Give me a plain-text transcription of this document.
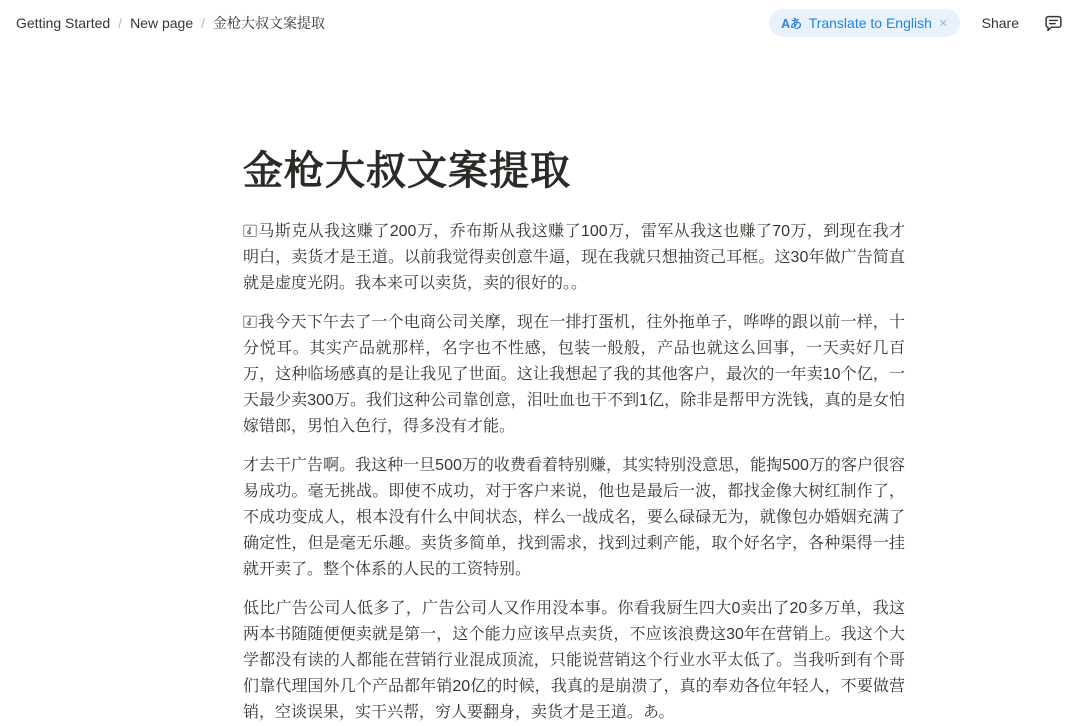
Getting Started / New page / 金枪大叔文案提取	Aあ Translate to English ×	Share
金枪大叔文案提取

马斯克从我这赚了200万，乔布斯从我这赚了100万，雷军从我这也赚了70万，到现在我才明白，卖货才是王道。以前我觉得卖创意牛逼，现在我就只想抽资己耳框。这30年做广告简直就是虚度光阴。我本来可以卖货，卖的很好的。。

我今天下午去了一个电商公司关摩，现在一排打蛋机，往外拖单子，哗哗的跟以前一样，十分悦耳。其实产品就那样，名字也不性感，包装一般般，产品也就这么回事，一天卖好几百万，这种临场感真的是让我见了世面。这让我想起了我的其他客户，最次的一年卖10个亿，一天最少卖300万。我们这种公司靠创意，泪吐血也干不到1亿，除非是帮甲方洗钱，真的是女怕嫁错郎，男怕入色行，得多没有才能。

才去干广告啊。我这种一旦500万的收费看着特别赚，其实特别没意思，能掏500万的客户很容易成功。毫无挑战。即使不成功，对于客户来说，他也是最后一波，都找金像大树红制作了，不成功变成人，根本没有什么中间状态，样么一战成名，要么碌碌无为，就像包办婚姻充满了确定性，但是毫无乐趣。卖货多简单，找到需求，找到过剩产能，取个好名字，各种渠得一挂就开卖了。整个体系的人民的工资特别。

低比广告公司人低多了，广告公司人又作用没本事。你看我厨生四大0卖出了20多万单，我这两本书随随便便卖就是第一，这个能力应该早点卖货，不应该浪费这30年在营销上。我这个大学都没有读的人都能在营销行业混成顶流，只能说营销这个行业水平太低了。当我听到有个哥们靠代理国外几个产品都年销20亿的时候，我真的是崩溃了，真的奉劝各位年轻人，不要做营销，空谈误果，实干兴帮，穷人要翻身，卖货才是王道。あ。
